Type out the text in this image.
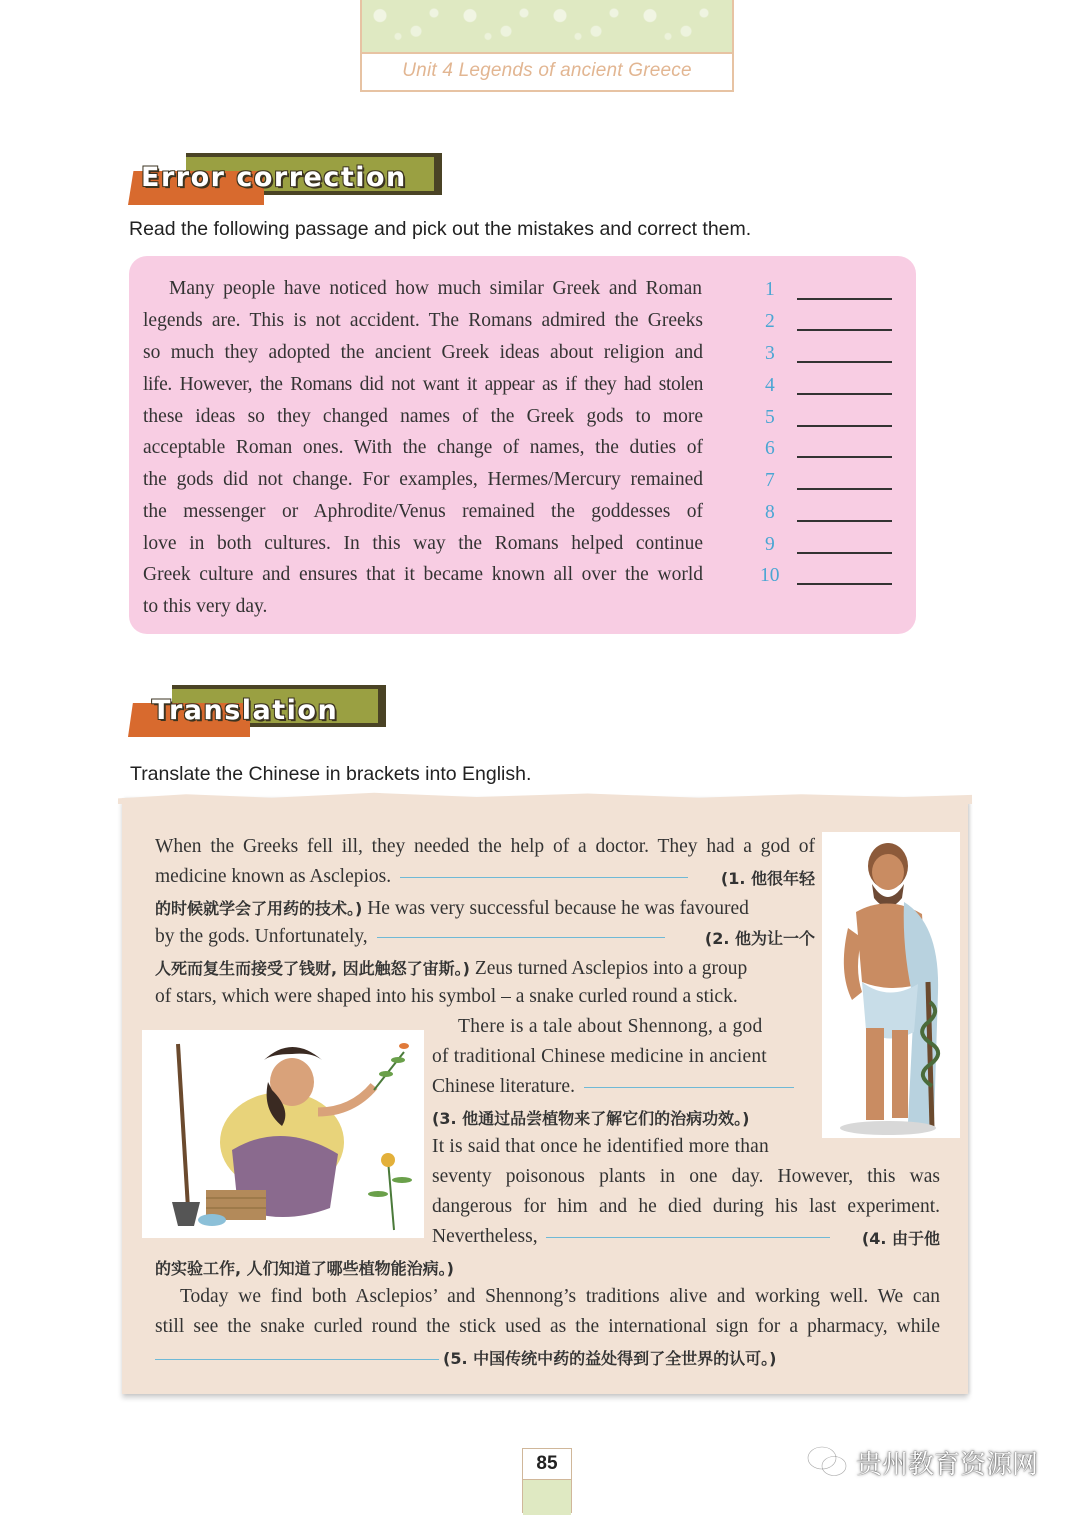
Unit 4 Legends of ancient Greece
Error correction
Read the following passage and pick out the mistakes and correct them.
Many people have noticed how much similar Greek and Roman
legends are. This is not accident. The Romans admired the Greeks
so much they adopted the ancient Greek ideas about religion and
life. However, the Romans did not want it appear as if they had stolen
these ideas so they changed names of the Greek gods to more
acceptable Roman ones. With the change of names, the duties of
the gods did not change. For examples, Hermes/Mercury remained
the messenger or Aphrodite/Venus remained the goddesses of
love in both cultures. In this way the Romans helped continue
Greek culture and ensures that it became known all over the world
to this very day.
1
2
3
4
5
6
7
8
9
10
Translation
Translate the Chinese in brackets into English.
When the Greeks fell ill, they needed the help of a doctor. They had a god of
medicine known as Asclepios.	(1. 他很年轻
的时候就学会了用药的技术。) He was very successful because he was favoured
by the gods. Unfortunately,	(2. 他为让一个
人死而复生而接受了钱财, 因此触怒了宙斯。) Zeus turned Asclepios into a group
of stars, which were shaped into his symbol – a snake curled round a stick.
There is a tale about Shennong, a god
of traditional Chinese medicine in ancient
Chinese literature.
(3. 他通过品尝植物来了解它们的治病功效。)
It is said that once he identified more than
seventy poisonous plants in one day. However, this was
dangerous for him and he died during his last experiment.
Nevertheless,	(4. 由于他
的实验工作, 人们知道了哪些植物能治病。)
Today we find both Asclepios’ and Shennong’s traditions alive and working well. We can
still see the snake curled round the stick used as the international sign for a pharmacy, while
(5. 中国传统中药的益处得到了全世界的认可。)
85	贵州教育资源网
